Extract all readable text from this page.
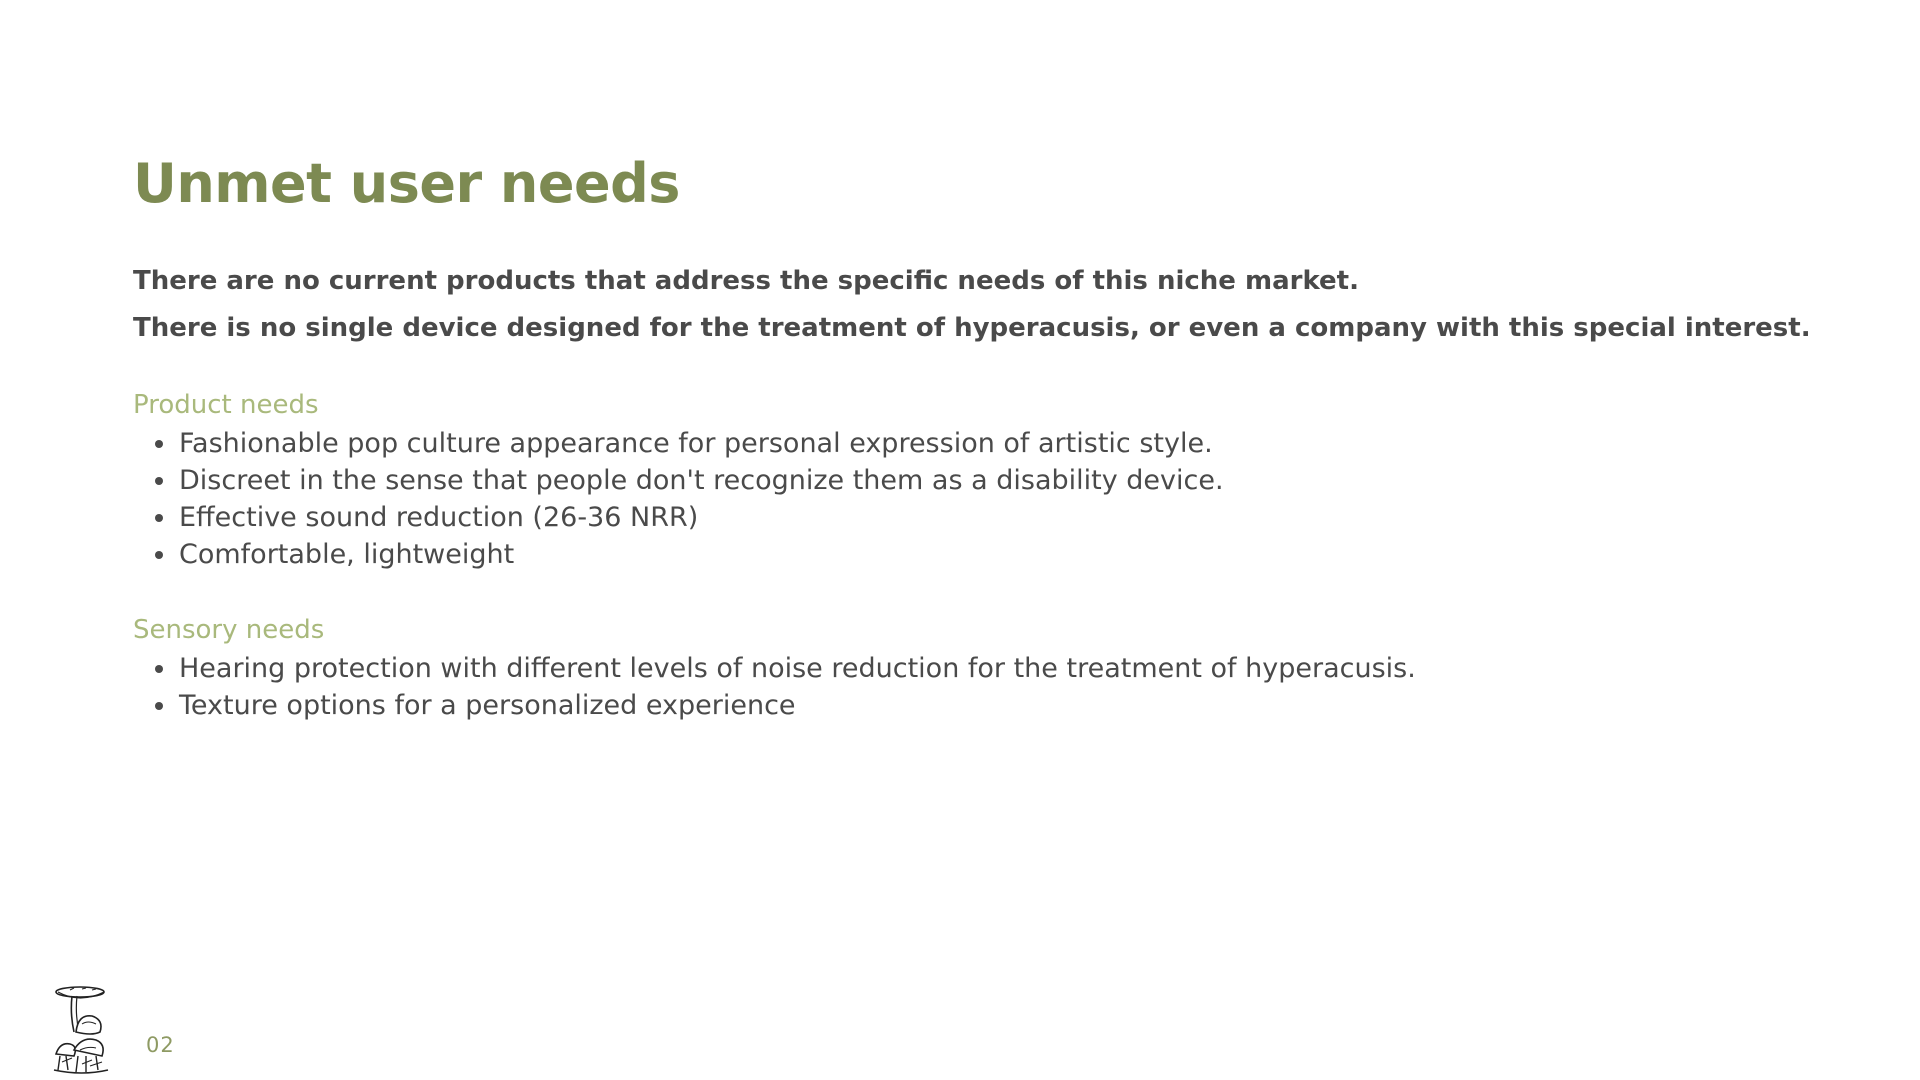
Unmet user needs

There are no current products that address the specific needs of this niche market.

There is no single device designed for the treatment of hyperacusis, or even a company with this special interest.

Product needs
Fashionable pop culture appearance for personal expression of artistic style.
Discreet in the sense that people don't recognize them as a disability device.
Effective sound reduction (26-36 NRR)
Comfortable, lightweight
Sensory needs
Hearing protection with different levels of noise reduction for the treatment of hyperacusis.
Texture options for a personalized experience
02
